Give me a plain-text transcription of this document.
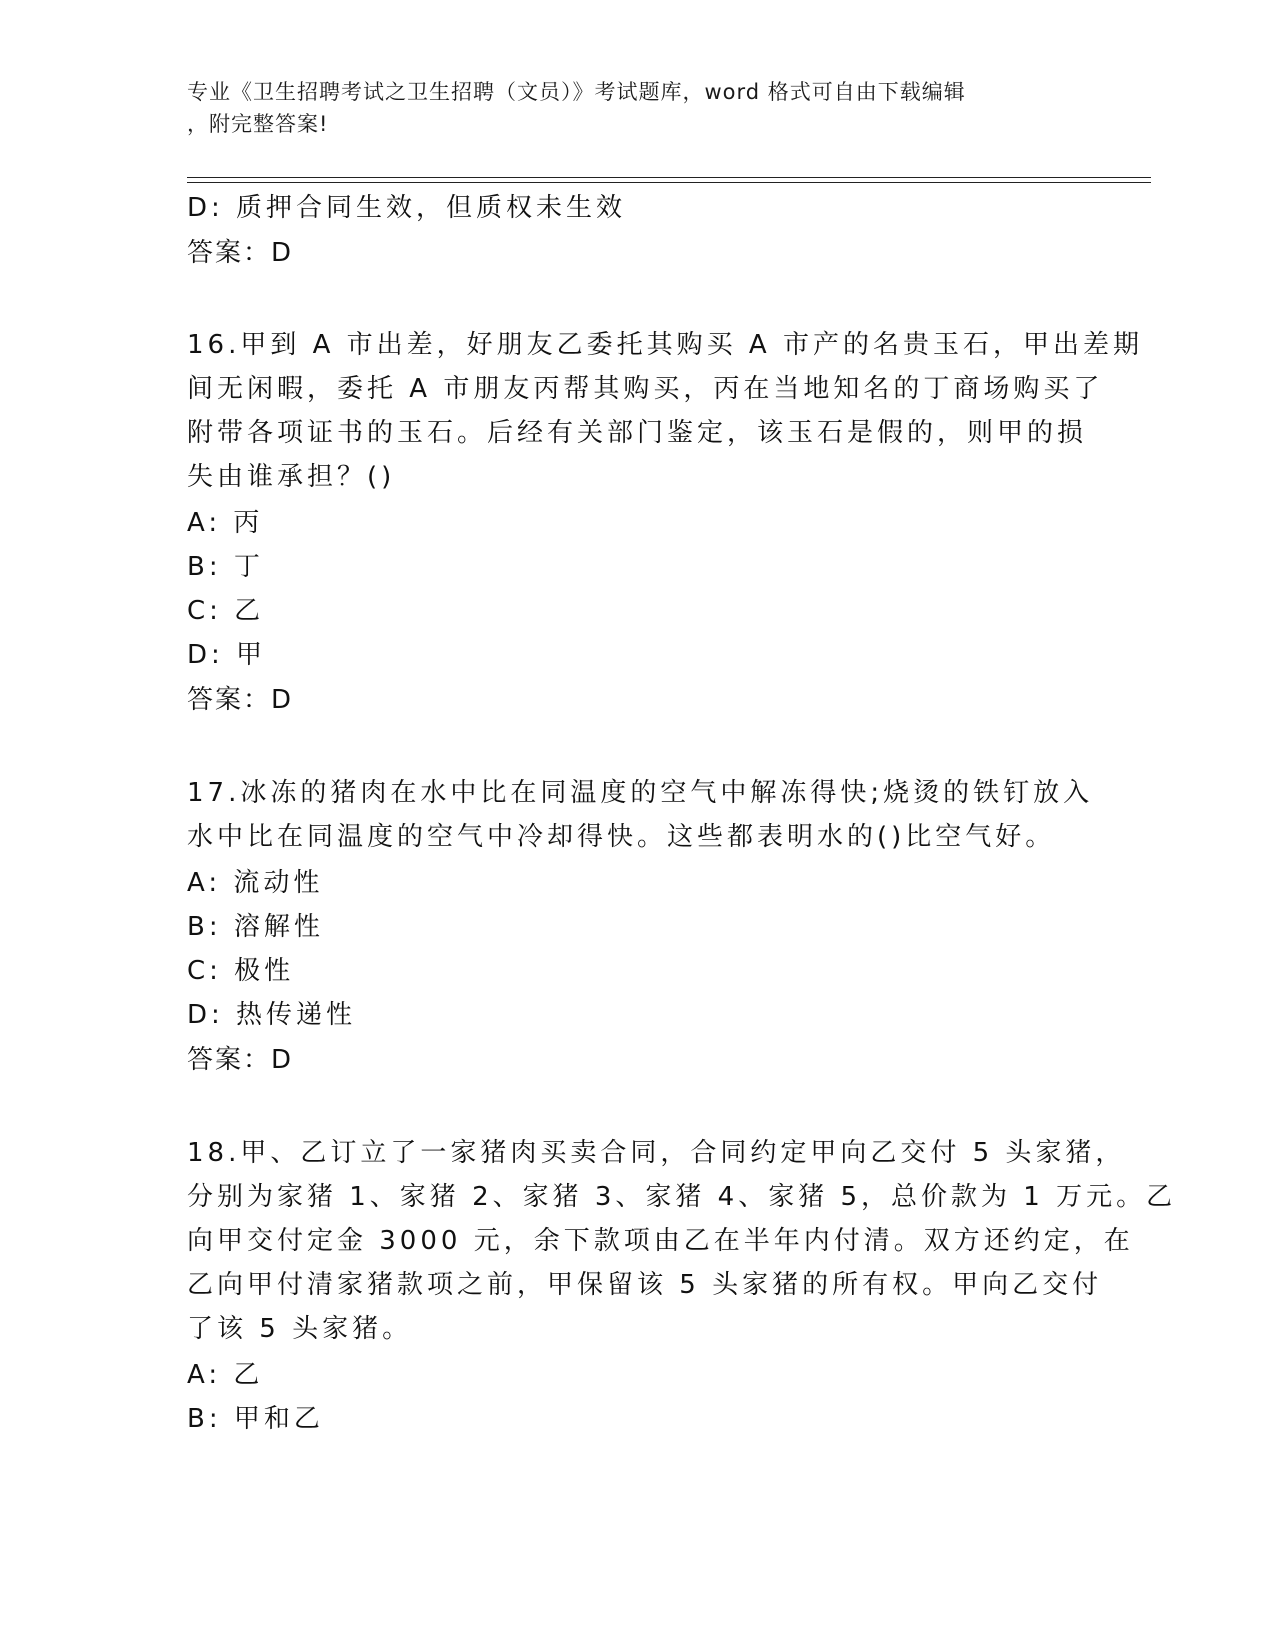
专业《卫生招聘考试之卫生招聘（文员）》考试题库，word 格式可自由下载编辑
，附完整答案!
D: 质押合同生效，但质权未生效
答案：D
16.甲到 A 市出差，好朋友乙委托其购买 A 市产的名贵玉石，甲出差期
间无闲暇，委托 A 市朋友丙帮其购买，丙在当地知名的丁商场购买了
附带各项证书的玉石。后经有关部门鉴定，该玉石是假的，则甲的损
失由谁承担？()
A: 丙
B: 丁
C: 乙
D: 甲
答案：D
17.冰冻的猪肉在水中比在同温度的空气中解冻得快;烧烫的铁钉放入
水中比在同温度的空气中冷却得快。这些都表明水的()比空气好。
A: 流动性
B: 溶解性
C: 极性
D: 热传递性
答案：D
18.甲、乙订立了一家猪肉买卖合同，合同约定甲向乙交付 5 头家猪，
分别为家猪 1、家猪 2、家猪 3、家猪 4、家猪 5，总价款为 1 万元。乙
向甲交付定金 3000 元，余下款项由乙在半年内付清。双方还约定，在
乙向甲付清家猪款项之前，甲保留该 5 头家猪的所有权。甲向乙交付
了该 5 头家猪。
A: 乙
B: 甲和乙
